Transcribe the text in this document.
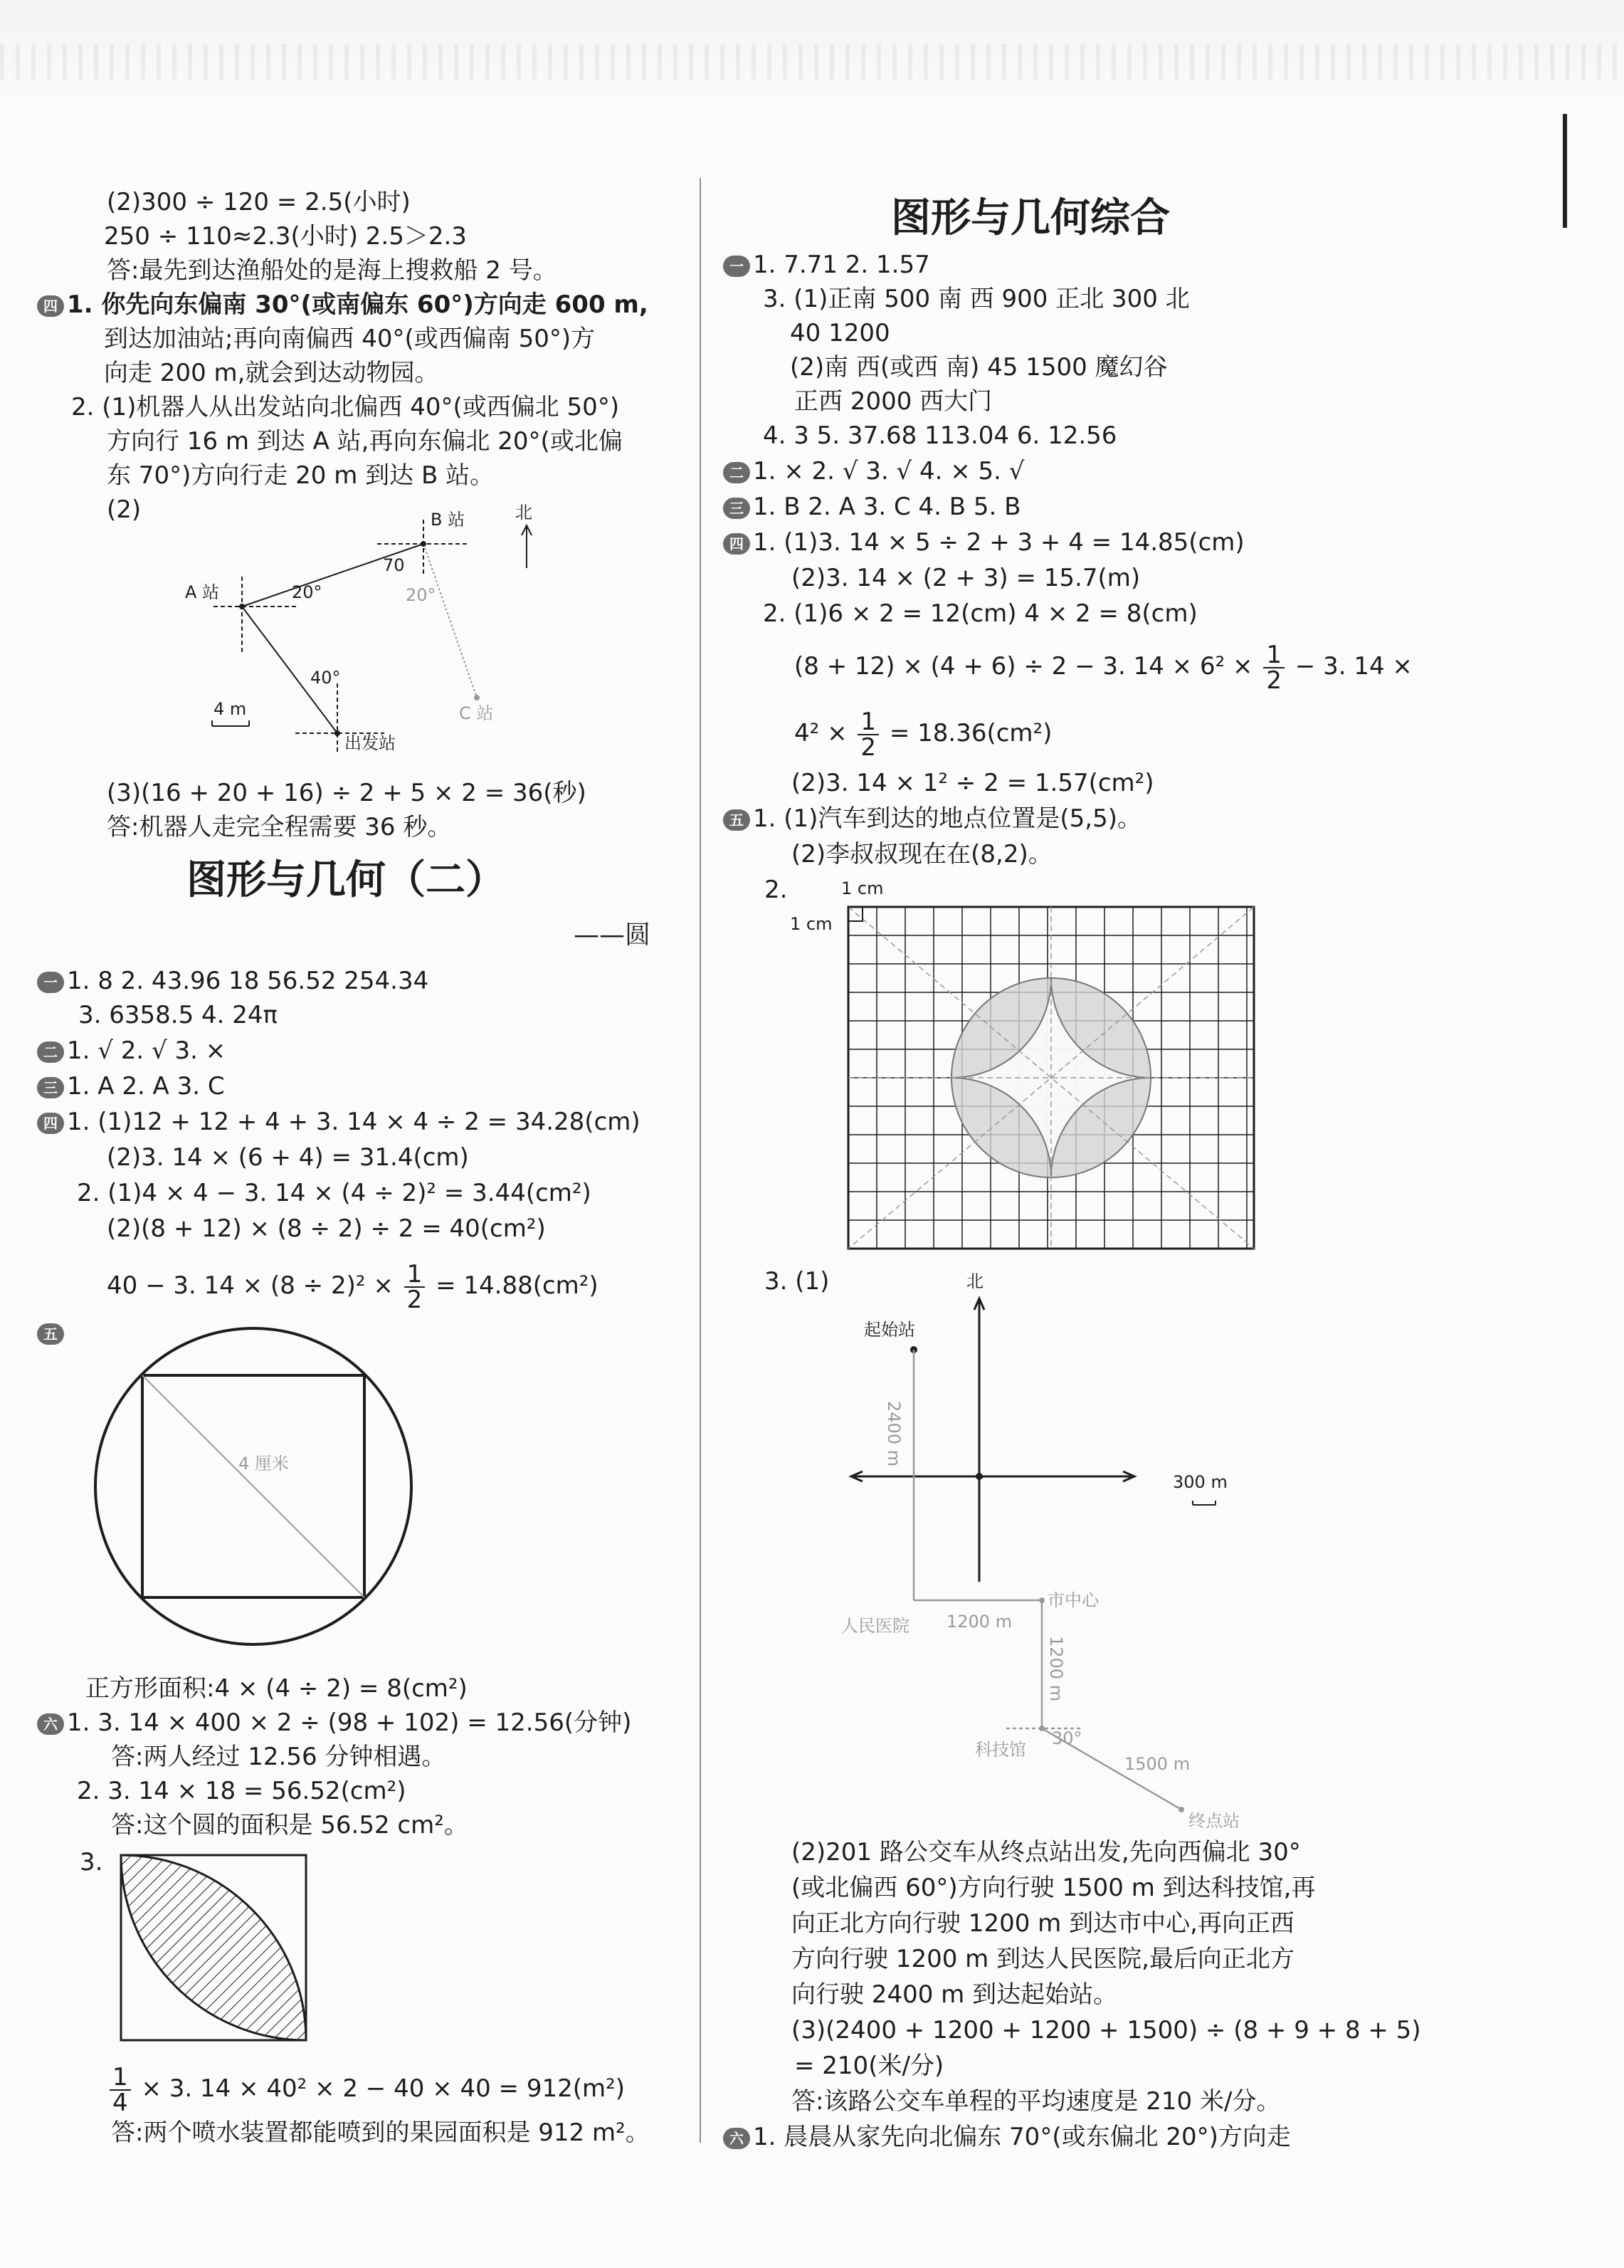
(2)300 ÷ 120 = 2.5(小时)
250 ÷ 110≈2.3(小时) 2.5＞2.3
答:最先到达渔船处的是海上搜救船 2 号。
四 1. 你先向东偏南 30°(或南偏东 60°)方向走 600 m,
到达加油站;再向南偏西 40°(或西偏南 50°)方
向走 200 m,就会到达动物园。
2. (1)机器人从出发站向北偏西 40°(或西偏北 50°)
方向行 16 m 到达 A 站,再向东偏北 20°(或北偏
东 70°)方向行走 20 m 到达 B 站。
(2)	B 站	北
A 站
C 站
出发站
4 m
70
20°	20°
40°
(3)(16 + 20 + 16) ÷ 2 + 5 × 2 = 36(秒)
答:机器人走完全程需要 36 秒。
图形与几何（二）
——圆
一 1. 8 2. 43.96 18 56.52 254.34
3. 6358.5 4. 24π
二 1. √ 2. √ 3. ×
三 1. A 2. A 3. C
四 1. (1)12 + 12 + 4 + 3. 14 × 4 ÷ 2 = 34.28(cm)
(2)3. 14 × (6 + 4) = 31.4(cm)
2. (1)4 × 4 − 3. 14 × (4 ÷ 2)² = 3.44(cm²)
(2)(8 + 12) × (8 ÷ 2) ÷ 2 = 40(cm²)
40 − 3. $14 \times (8 \div 2)^2 \times \frac{1}{2} = 14.88(cm^2)$
五
4 厘米
正方形面积:4 × (4 ÷ 2) = 8(cm²)
六 1. 3. 14 × 400 × 2 ÷ (98 + 102) = 12.56(分钟)
答:两人经过 12.56 分钟相遇。
2. 3. 14 × 18 = 56.52(cm²)
答:这个圆的面积是 56.52 cm²。
3.
$\frac{1}{4} \times 3$. 14 × 40² × 2 − 40 × 40 = 912(m²)
答:两个喷水装置都能喷到的果园面积是 912 m²。
图形与几何综合
一 1. 7.71 2. 1.57
3. (1)正南 500 南 西 900 正北 300 北
40 1200
(2)南 西(或西 南) 45 1500 魔幻谷
正西 2000 西大门
4. 3 5. 37.68 113.04 6. 12.56
二 1. × 2. √ 3. √ 4. × 5. √
三 1. B 2. A 3. C 4. B 5. B
四 1. (1)3. 14 × 5 ÷ 2 + 3 + 4 = 14.85(cm)
(2)3. 14 × (2 + 3) = 15.7(m)
2. (1)6 × 2 = 12(cm) 4 × 2 = 8(cm)
(8 + 12) × (4 + 6) ÷ 2 − 3. $14 \times 6^2 \times \frac{1}{2} - 3$. 14 ×
$4^2 \times \frac{1}{2} = 18.36(cm^2)$
(2)3. 14 × 1² ÷ 2 = 1.57(cm²)
五 1. (1)汽车到达的地点位置是(5,5)。
(2)李叔叔现在在(8,2)。
2.	1 cm
1 cm
3. (1)	北
起始站
2400 m
300 m
市中心
人民医院 1200 m
1200 m
科技馆
30°
1500 m
终点站
(2)201 路公交车从终点站出发,先向西偏北 30°
(或北偏西 60°)方向行驶 1500 m 到达科技馆,再
向正北方向行驶 1200 m 到达市中心,再向正西
方向行驶 1200 m 到达人民医院,最后向正北方
向行驶 2400 m 到达起始站。
(3)(2400 + 1200 + 1200 + 1500) ÷ (8 + 9 + 8 + 5)
= 210(米/分)
答:该路公交车单程的平均速度是 210 米/分。
六 1. 晨晨从家先向北偏东 70°(或东偏北 20°)方向走
